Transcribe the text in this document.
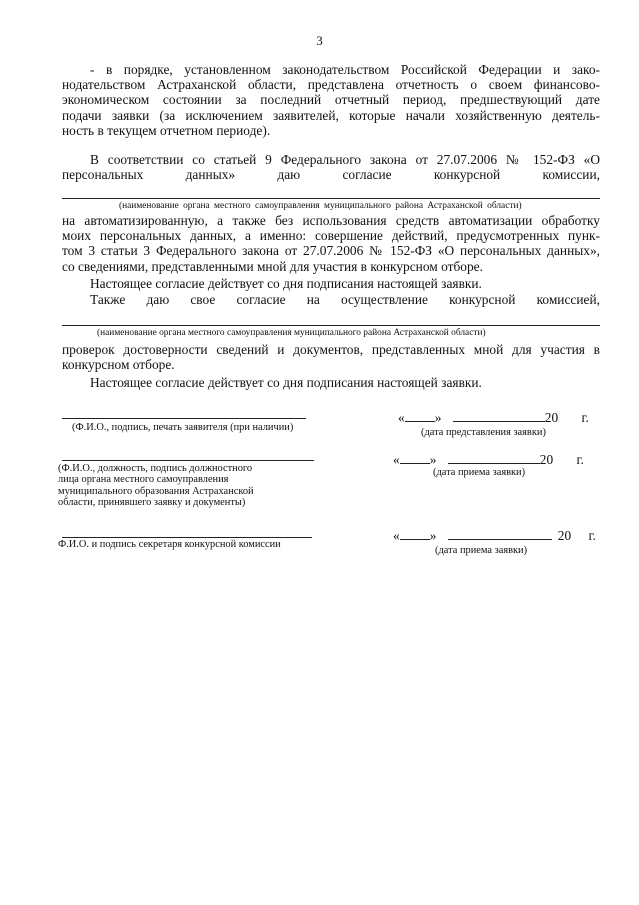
3
- в порядке, установленном законодательством Российской Федерации и зако-
нодательством Астраханской области, представлена отчетность о своем финансово-
экономическом состоянии за последний отчетный период, предшествующий дате
подачи заявки (за исключением заявителей, которые начали хозяйственную деятель-
ность в текущем отчетном периоде).
В соответствии со статьей 9 Федерального закона от 27.07.2006 № 152-ФЗ «О
персональных данных» даю согласие конкурсной комиссии,
(наименование органа местного самоуправления муниципального района Астраханской области)
на автоматизированную, а также без использования средств автоматизации обработку
моих персональных данных, а именно: совершение действий, предусмотренных пунк-
том 3 статьи 3 Федерального закона от 27.07.2006 № 152-ФЗ «О персональных данных»,
со сведениями, представленными мной для участия в конкурсном отборе.
Настоящее согласие действует со дня подписания настоящей заявки.
Также даю свое согласие на осуществление конкурсной комиссией,
(наименование органа местного самоуправления муниципального района Астраханской области)
проверок достоверности сведений и документов, представленных мной для участия в
конкурсном отборе.
Настоящее согласие действует со дня подписания настоящей заявки.
(Ф.И.О., подпись, печать заявителя (при наличии)
« »	20 г.
(дата представления заявки)
(Ф.И.О., должность, подпись должностного
лица органа местного самоуправления
муниципального образования Астраханской
области, принявшего заявку и документы)
« »	20 г.
(дата приема заявки)
Ф.И.О. и подпись секретаря конкурсной комиссии
« »	20 г.
(дата приема заявки)
